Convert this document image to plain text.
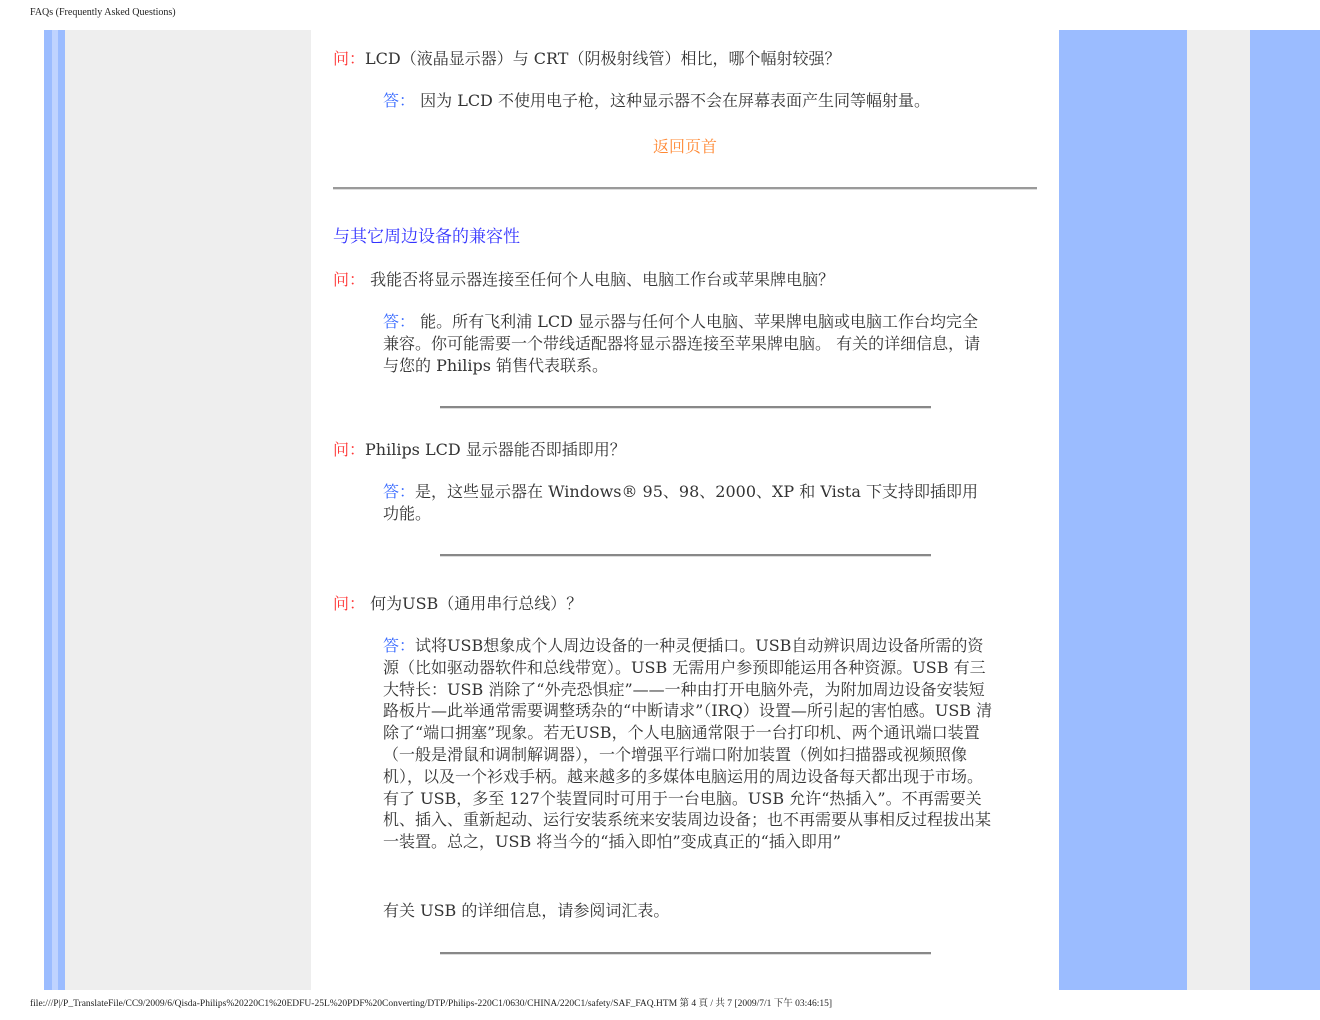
FAQs (Frequently Asked Questions)
问：LCD（液晶显示器）与 CRT（阴极射线管）相比，哪个幅射较强？
答： 因为 LCD 不使用电子枪，这种显示器不会在屏幕表面产生同等幅射量。
返回页首
与其它周边设备的兼容性
问： 我能否将显示器连接至任何个人电脑、电脑工作台或苹果牌电脑？
答： 能。所有飞利浦 LCD 显示器与任何个人电脑、苹果牌电脑或电脑工作台均完全兼容。你可能需要一个带线适配器将显示器连接至苹果牌电脑。 有关的详细信息，请与您的 Philips 销售代表联系。
问：Philips LCD 显示器能否即插即用？
答：是，这些显示器在 Windows® 95、98、2000、XP 和 Vista 下支持即插即用功能。
问： 何为USB（通用串行总线）？
答：试将USB想象成个人周边设备的一种灵便插口。USB自动辨识周边设备所需的资源（比如驱动器软件和总线带宽）。USB 无需用户参预即能运用各种资源。USB 有三大特长：USB 消除了“外壳恐惧症”——一种由打开电脑外壳，为附加周边设备安装短路板片—此举通常需要调整琇杂的“中断请求”（IRQ）设置—所引起的害怕感。USB 清除了“端口拥塞”现象。若无USB，个人电脑通常限于一台打印机、两个通讯端口装置（一般是滑鼠和调制解调器），一个增强平行端口附加装置（例如扫描器或视频照像机），以及一个衫戏手柄。越来越多的多媒体电脑运用的周边设备每天都出现于市场。有了 USB，多至 127个装置同时可用于一台电脑。USB 允许“热插入”。不再需要关机、插入、重新起动、运行安装系统来安装周边设备；也不再需要从事相反过程拔出某一装置。总之，USB 将当今的“插入即怕”变成真正的“插入即用”
有关 USB 的详细信息，请参阅词汇表。
file:///P|/P_TranslateFile/CC9/2009/6/Qisda-Philips%20220C1%20EDFU-25L%20PDF%20Converting/DTP/Philips-220C1/0630/CHINA/220C1/safety/SAF_FAQ.HTM 第 4 頁 / 共 7 [2009/7/1 下午 03:46:15]
